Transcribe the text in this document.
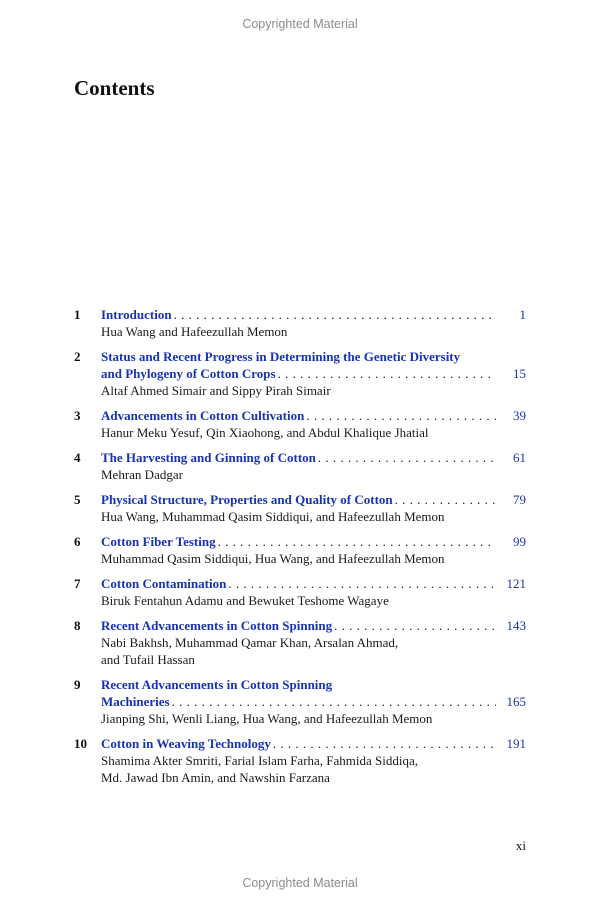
Copyrighted Material
Contents
1 Introduction . . .	1
Hua Wang and Hafeezullah Memon
2 Status and Recent Progress in Determining the Genetic Diversity
and Phylogeny of Cotton Crops . . .	15
Altaf Ahmed Simair and Sippy Pirah Simair
3 Advancements in Cotton Cultivation . . .	39
Hanur Meku Yesuf, Qin Xiaohong, and Abdul Khalique Jhatial
4 The Harvesting and Ginning of Cotton . . .	61
Mehran Dadgar
5 Physical Structure, Properties and Quality of Cotton . . .	79
Hua Wang, Muhammad Qasim Siddiqui, and Hafeezullah Memon
6 Cotton Fiber Testing . . .	99
Muhammad Qasim Siddiqui, Hua Wang, and Hafeezullah Memon
7 Cotton Contamination . . .	121
Biruk Fentahun Adamu and Bewuket Teshome Wagaye
8 Recent Advancements in Cotton Spinning . . .	143
Nabi Bakhsh, Muhammad Qamar Khan, Arsalan Ahmad,
and Tufail Hassan
9 Recent Advancements in Cotton Spinning
Machineries . . .	165
Jianping Shi, Wenli Liang, Hua Wang, and Hafeezullah Memon
10 Cotton in Weaving Technology . . .	191
Shamima Akter Smriti, Farial Islam Farha, Fahmida Siddiqa,
Md. Jawad Ibn Amin, and Nawshin Farzana
xi
Copyrighted Material
